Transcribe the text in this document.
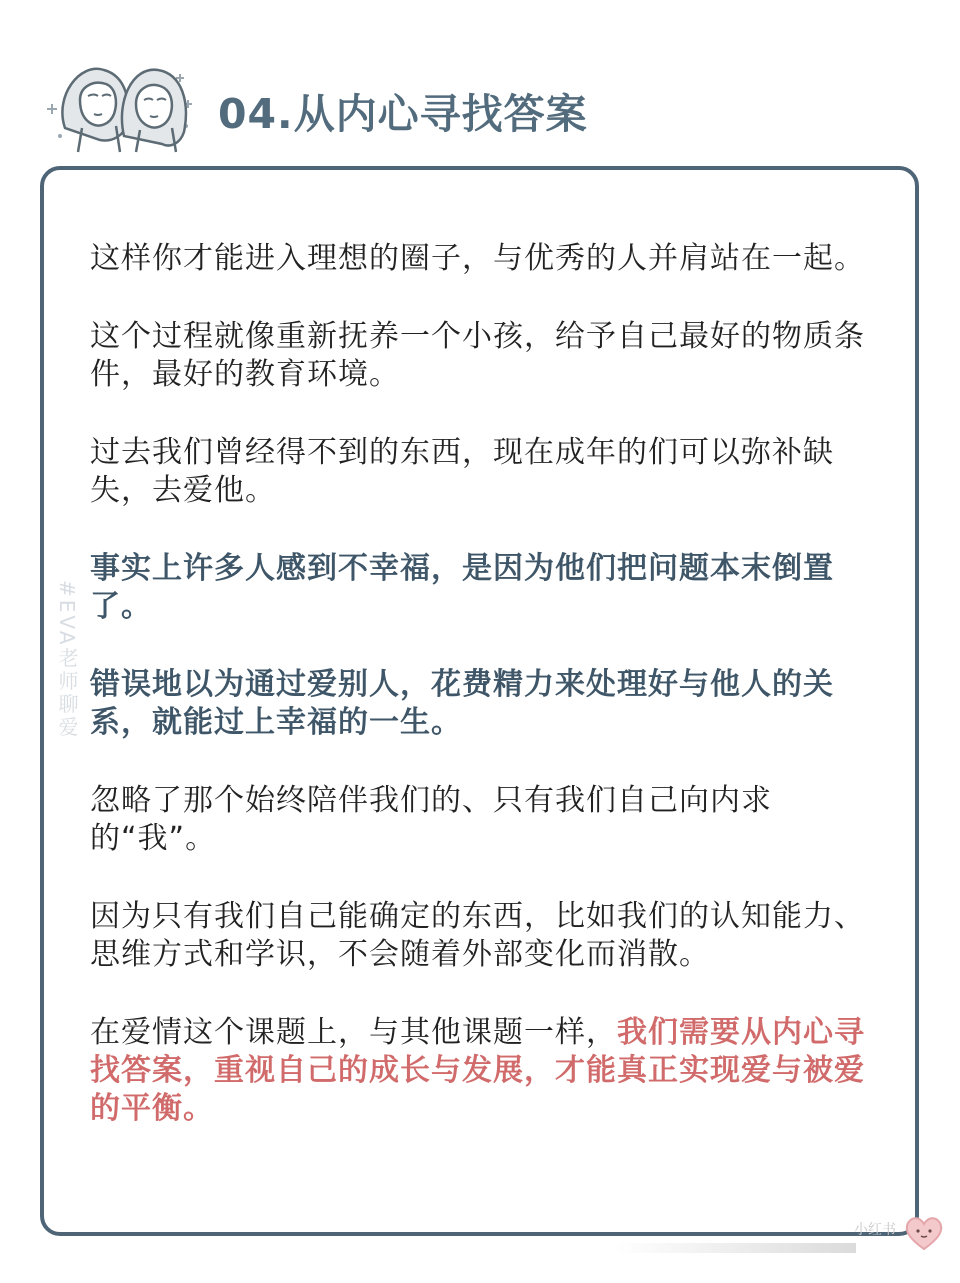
04.从内心寻找答案

这样你才能进入理想的圈子，与优秀的人并肩站在一起。

这个过程就像重新抚养一个小孩，给予自己最好的物质条件，最好的教育环境。

过去我们曾经得不到的东西，现在成年的们可以弥补缺失，去爱他。

事实上许多人感到不幸福，是因为他们把问题本末倒置了。

错误地以为通过爱别人，花费精力来处理好与他人的关系，就能过上幸福的一生。

忽略了那个始终陪伴我们的、只有我们自己向内求的“我”。

因为只有我们自己能确定的东西，比如我们的认知能力、思维方式和学识，不会随着外部变化而消散。

在爱情这个课题上，与其他课题一样，我们需要从内心寻找答案，重视自己的成长与发展，才能真正实现爱与被爱的平衡。

#EVA老师聊爱
小红书
